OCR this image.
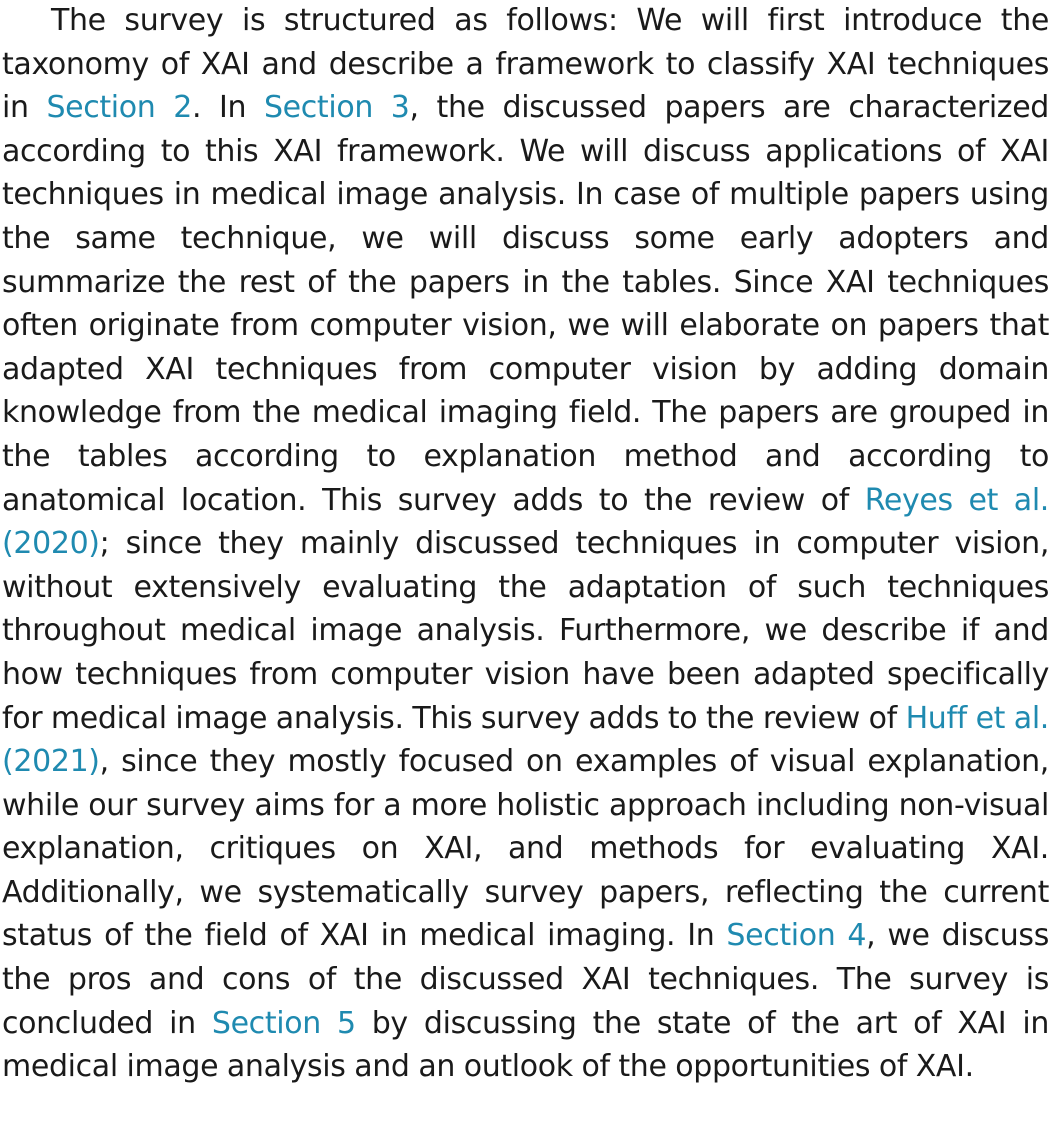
The survey is structured as follows: We will first introduce the taxonomy of XAI and describe a framework to classify XAI techniques in Section 2. In Section 3, the discussed papers are characterized according to this XAI framework. We will discuss applications of XAI techniques in medical image analysis. In case of multiple papers using the same technique, we will discuss some early adopters and summarize the rest of the papers in the tables. Since XAI techniques often originate from computer vision, we will elaborate on papers that adapted XAI techniques from computer vision by adding domain knowledge from the medical imaging field. The papers are grouped in the tables according to explanation method and according to anatomical location. This survey adds to the review of Reyes et al. (2020); since they mainly discussed techniques in computer vision, without extensively evaluating the adaptation of such techniques throughout medical image analysis. Furthermore, we describe if and how techniques from computer vision have been adapted specifically for medical image analysis. This survey adds to the review of Huff et al. (2021), since they mostly focused on examples of visual explanation, while our survey aims for a more holistic approach including non-visual explanation, critiques on XAI, and methods for evaluating XAI. Additionally, we systematically survey papers, reflecting the current status of the field of XAI in medical imaging. In Section 4, we discuss the pros and cons of the discussed XAI techniques. The survey is concluded in Section 5 by discussing the state of the art of XAI in medical image analysis and an outlook of the opportunities of XAI.
